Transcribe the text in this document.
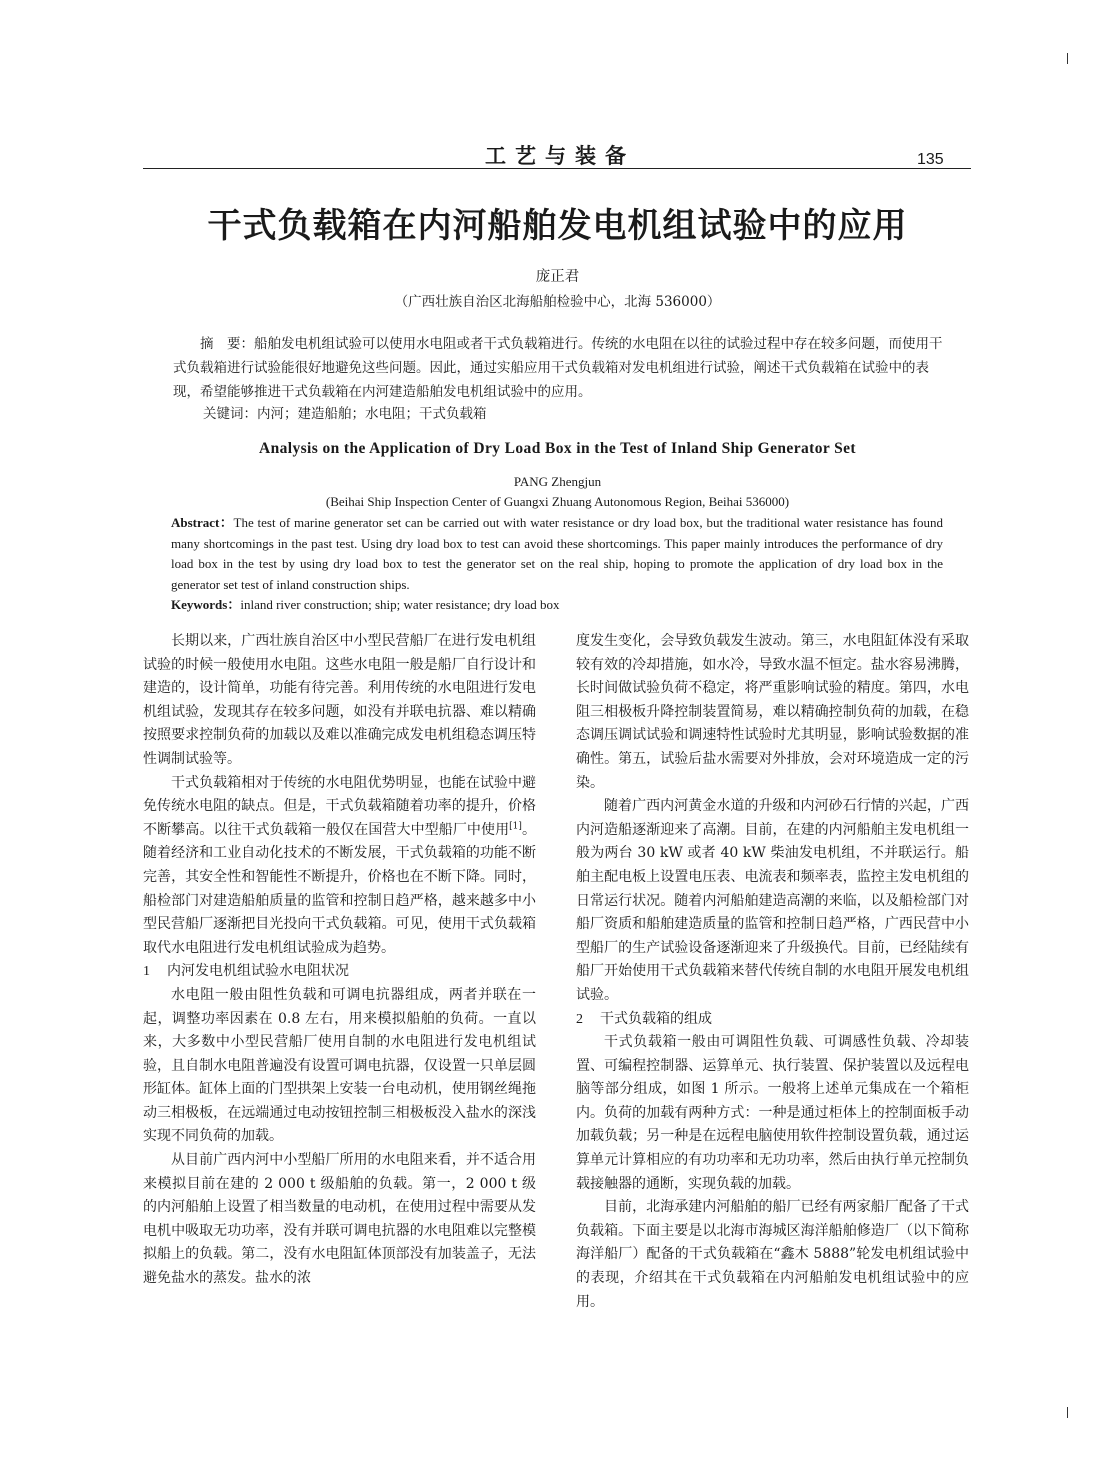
工艺与装备	135
干式负载箱在内河船舶发电机组试验中的应用
庞正君
（广西壮族自治区北海船舶检验中心，北海 536000）
摘　要：船舶发电机组试验可以使用水电阻或者干式负载箱进行。传统的水电阻在以往的试验过程中存在较多问题，而使用干式负载箱进行试验能很好地避免这些问题。因此，通过实船应用干式负载箱对发电机组进行试验，阐述干式负载箱在试验中的表现，希望能够推进干式负载箱在内河建造船舶发电机组试验中的应用。
关键词：内河；建造船舶；水电阻；干式负载箱
Analysis on the Application of Dry Load Box in the Test of Inland Ship Generator Set
PANG Zhengjun
(Beihai Ship Inspection Center of Guangxi Zhuang Autonomous Region, Beihai 536000)
Abstract：The test of marine generator set can be carried out with water resistance or dry load box, but the traditional water resistance has found many shortcomings in the past test. Using dry load box to test can avoid these shortcomings. This paper mainly introduces the performance of dry load box in the test by using dry load box to test the generator set on the real ship, hoping to promote the application of dry load box in the generator set test of inland construction ships.
Keywords：inland river construction; ship; water resistance; dry load box

长期以来，广西壮族自治区中小型民营船厂在进行发电机组试验的时候一般使用水电阻。这些水电阻一般是船厂自行设计和建造的，设计简单，功能有待完善。利用传统的水电阻进行发电机组试验，发现其存在较多问题，如没有并联电抗器、难以精确按照要求控制负荷的加载以及难以准确完成发电机组稳态调压特性调制试验等。

干式负载箱相对于传统的水电阻优势明显，也能在试验中避免传统水电阻的缺点。但是，干式负载箱随着功率的提升，价格不断攀高。以往干式负载箱一般仅在国营大中型船厂中使用[1]。随着经济和工业自动化技术的不断发展，干式负载箱的功能不断完善，其安全性和智能性不断提升，价格也在不断下降。同时，船检部门对建造船舶质量的监管和控制日趋严格，越来越多中小型民营船厂逐渐把目光投向干式负载箱。可见，使用干式负载箱取代水电阻进行发电机组试验成为趋势。

1 内河发电机组试验水电阻状况

水电阻一般由阻性负载和可调电抗器组成，两者并联在一起，调整功率因素在 0.8 左右，用来模拟船舶的负荷。一直以来，大多数中小型民营船厂使用自制的水电阻进行发电机组试验，且自制水电阻普遍没有设置可调电抗器，仅设置一只单层圆形缸体。缸体上面的门型拱架上安装一台电动机，使用钢丝绳拖动三相极板，在远端通过电动按钮控制三相极板没入盐水的深浅实现不同负荷的加载。

从目前广西内河中小型船厂所用的水电阻来看，并不适合用来模拟目前在建的 2 000 t 级船舶的负载。第一，2 000 t 级的内河船舶上设置了相当数量的电动机，在使用过程中需要从发电机中吸取无功功率，没有并联可调电抗器的水电阻难以完整模拟船上的负载。第二，没有水电阻缸体顶部没有加装盖子，无法避免盐水的蒸发。盐水的浓

度发生变化，会导致负载发生波动。第三，水电阻缸体没有采取较有效的冷却措施，如水冷，导致水温不恒定。盐水容易沸腾，长时间做试验负荷不稳定，将严重影响试验的精度。第四，水电阻三相极板升降控制装置简易，难以精确控制负荷的加载，在稳态调压调试试验和调速特性试验时尤其明显，影响试验数据的准确性。第五，试验后盐水需要对外排放，会对环境造成一定的污染。

随着广西内河黄金水道的升级和内河砂石行情的兴起，广西内河造船逐渐迎来了高潮。目前，在建的内河船舶主发电机组一般为两台 30 kW 或者 40 kW 柴油发电机组，不并联运行。船舶主配电板上设置电压表、电流表和频率表，监控主发电机组的日常运行状况。随着内河船舶建造高潮的来临，以及船检部门对船厂资质和船舶建造质量的监管和控制日趋严格，广西民营中小型船厂的生产试验设备逐渐迎来了升级换代。目前，已经陆续有船厂开始使用干式负载箱来替代传统自制的水电阻开展发电机组试验。

2 干式负载箱的组成

干式负载箱一般由可调阻性负载、可调感性负载、冷却装置、可编程控制器、运算单元、执行装置、保护装置以及远程电脑等部分组成，如图 1 所示。一般将上述单元集成在一个箱柜内。负荷的加载有两种方式：一种是通过柜体上的控制面板手动加载负载；另一种是在远程电脑使用软件控制设置负载，通过运算单元计算相应的有功功率和无功功率，然后由执行单元控制负载接触器的通断，实现负载的加载。

目前，北海承建内河船舶的船厂已经有两家船厂配备了干式负载箱。下面主要是以北海市海城区海洋船舶修造厂（以下简称海洋船厂）配备的干式负载箱在“鑫木 5888”轮发电机组试验中的表现，介绍其在干式负载箱在内河船舶发电机组试验中的应用。
